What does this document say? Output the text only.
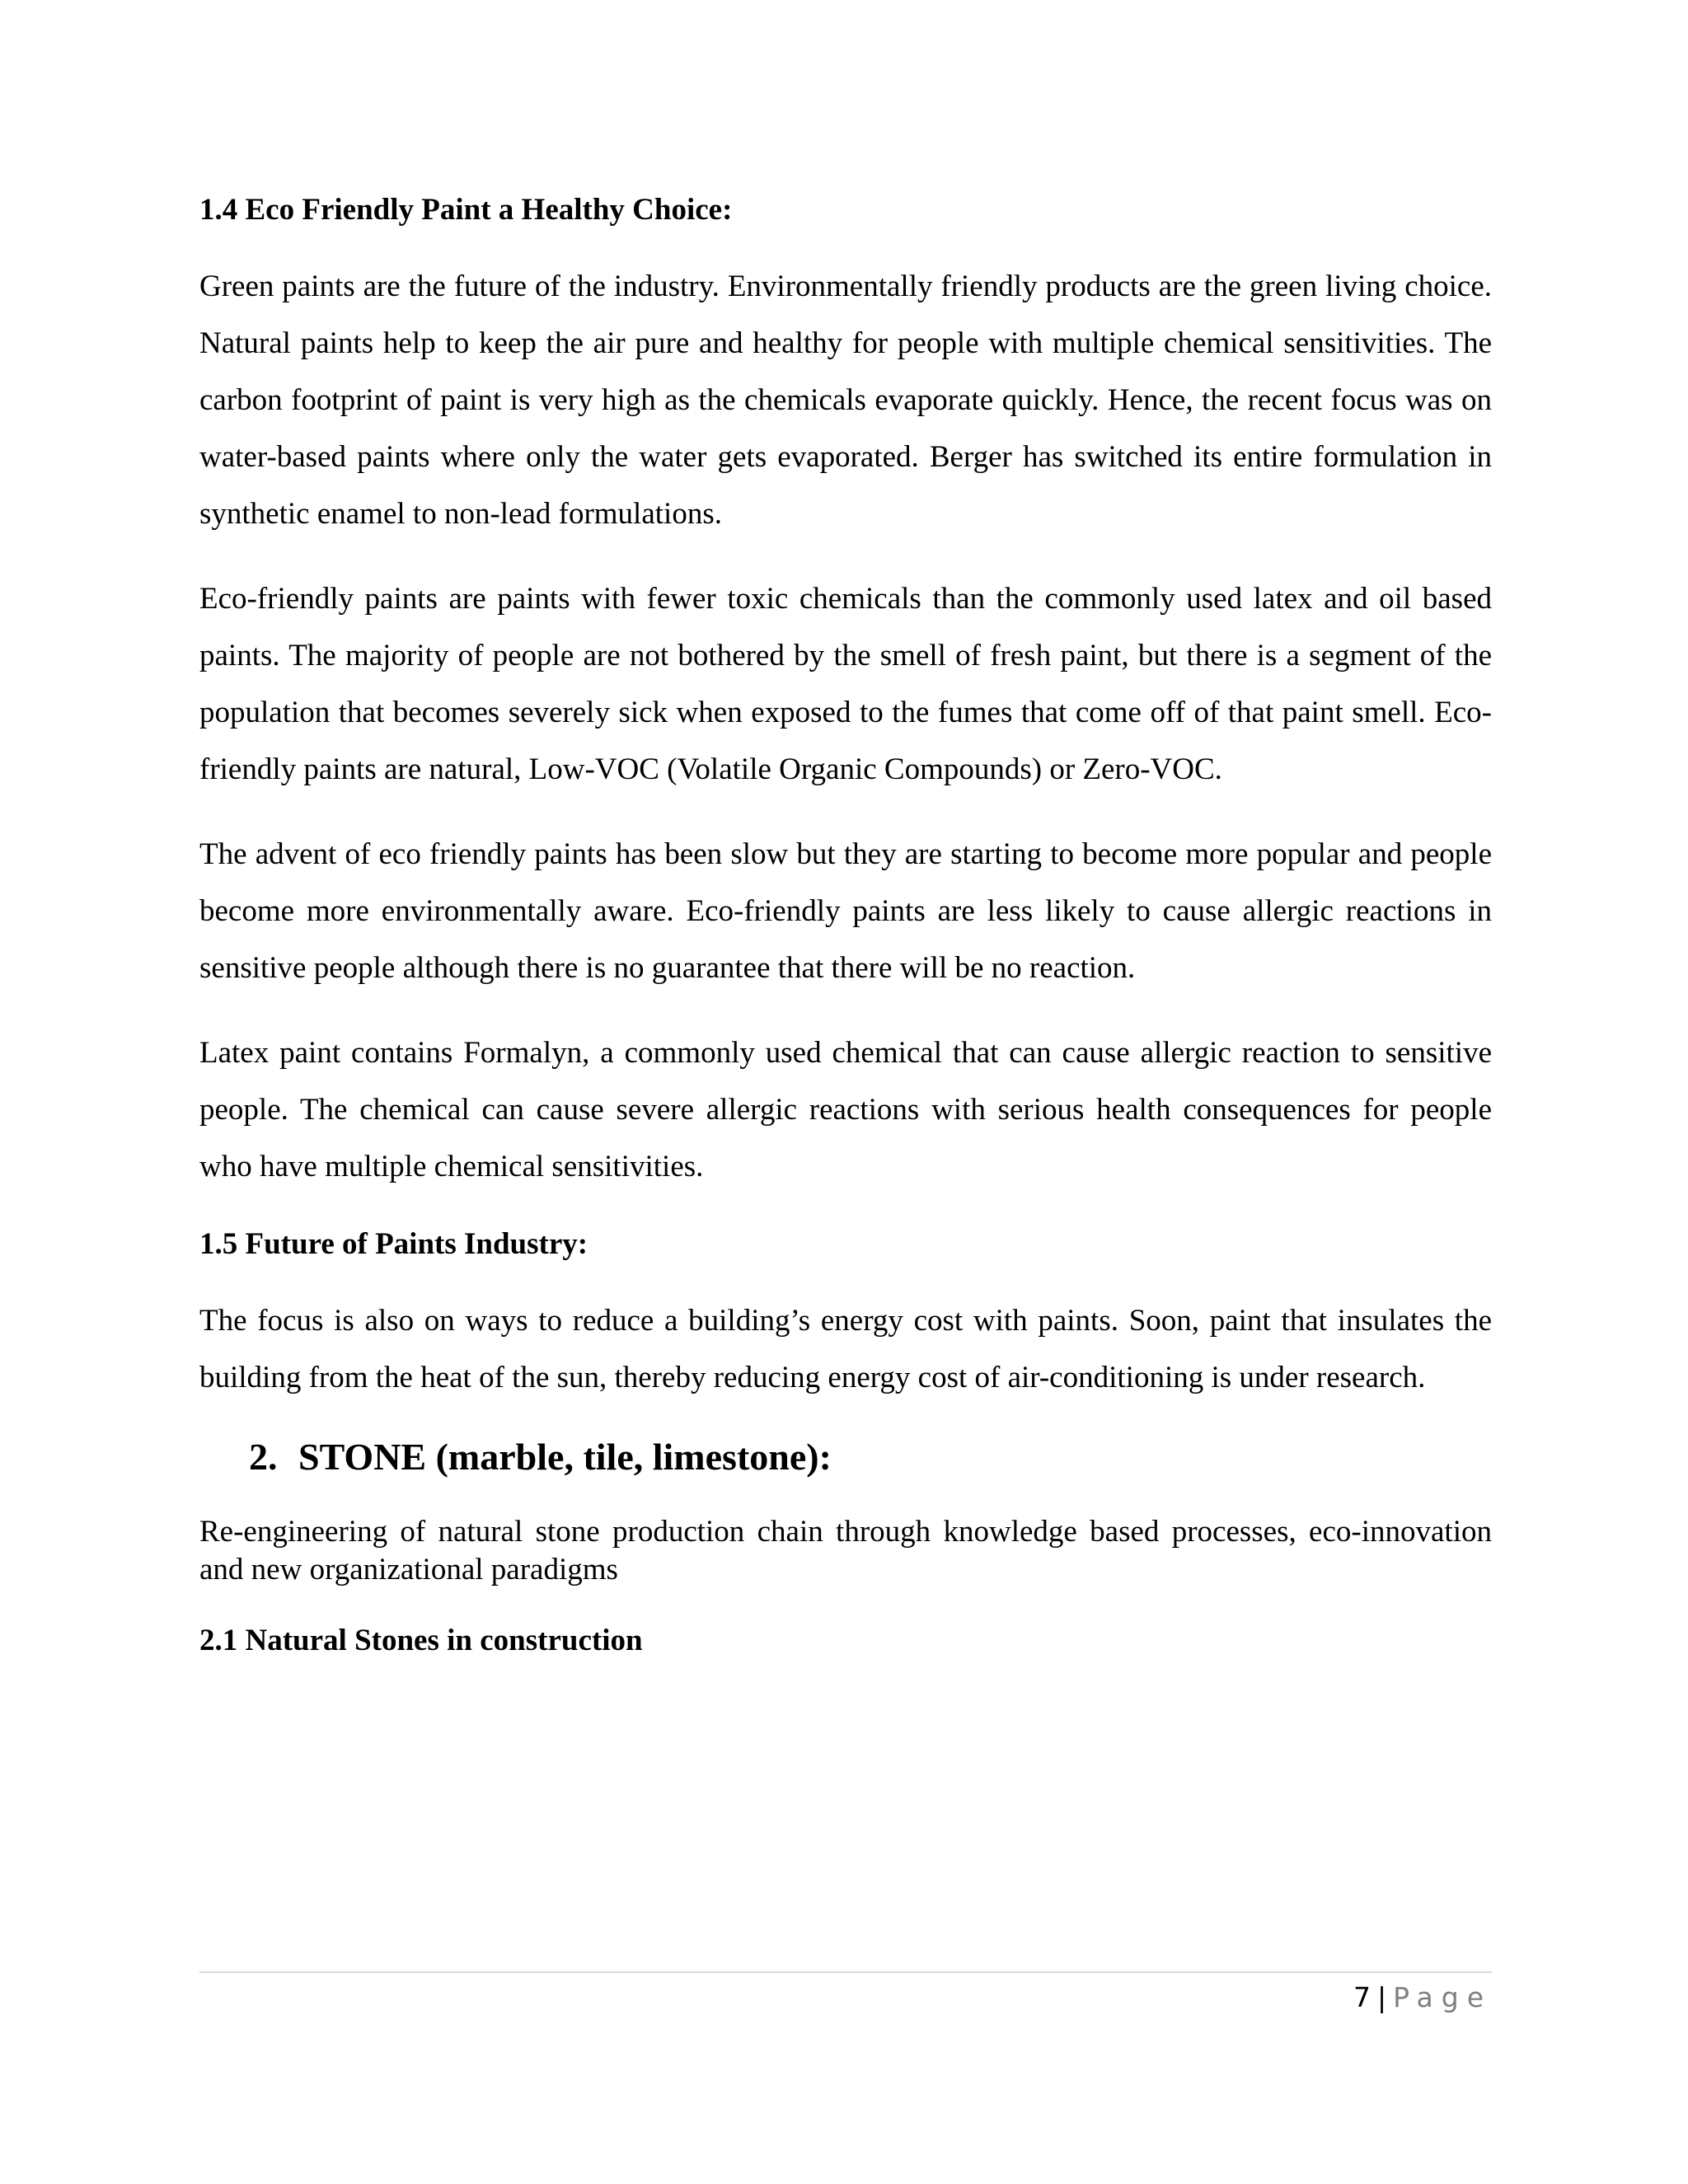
1.4 Eco Friendly Paint a Healthy Choice:

Green paints are the future of the industry. Environmentally friendly products are the green living choice. Natural paints help to keep the air pure and healthy for people with multiple chemical sensitivities. The carbon footprint of paint is very high as the chemicals evaporate quickly. Hence, the recent focus was on water-based paints where only the water gets evaporated. Berger has switched its entire formulation in synthetic enamel to non-lead formulations.

Eco-friendly paints are paints with fewer toxic chemicals than the commonly used latex and oil based paints. The majority of people are not bothered by the smell of fresh paint, but there is a segment of the population that becomes severely sick when exposed to the fumes that come off of that paint smell. Eco-friendly paints are natural, Low-VOC (Volatile Organic Compounds) or Zero-VOC.

The advent of eco friendly paints has been slow but they are starting to become more popular and people become more environmentally aware. Eco-friendly paints are less likely to cause allergic reactions in sensitive people although there is no guarantee that there will be no reaction.

Latex paint contains Formalyn, a commonly used chemical that can cause allergic reaction to sensitive people. The chemical can cause severe allergic reactions with serious health consequences for people who have multiple chemical sensitivities.

1.5 Future of Paints Industry:

The focus is also on ways to reduce a building’s energy cost with paints. Soon, paint that insulates the building from the heat of the sun, thereby reducing energy cost of air-conditioning is under research.

2. STONE (marble, tile, limestone):

Re-engineering of natural stone production chain through knowledge based processes, eco-innovation and new organizational paradigms

2.1 Natural Stones in construction

7 | Page
